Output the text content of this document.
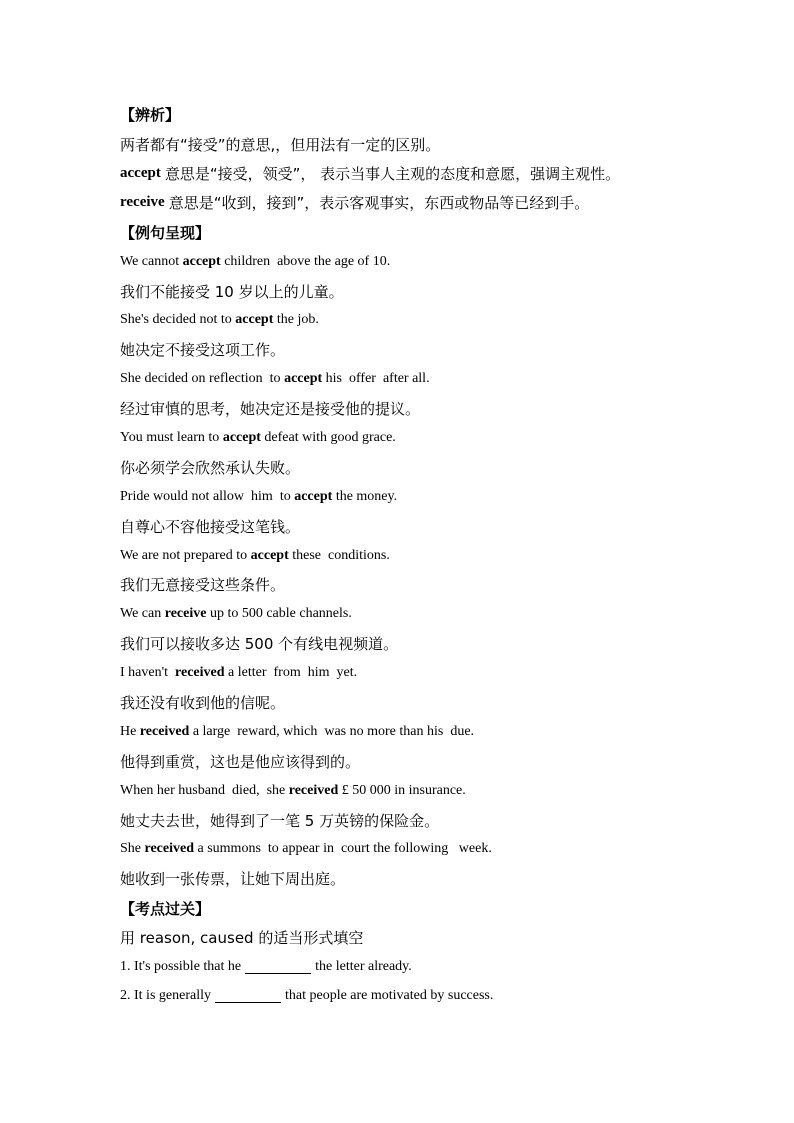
【辨析】
两者都有“接受”的意思,，但用法有一定的区别。
accept 意思是“接受，领受”， 表示当事人主观的态度和意愿，强调主观性。
receive 意思是“收到，接到”，表示客观事实，东西或物品等已经到手。
【例句呈现】
We cannot accept children  above the age of 10.
我们不能接受 10 岁以上的儿童。
She's decided not to accept the job.
她决定不接受这项工作。
She decided on reflection  to accept his  offer  after all.
经过审慎的思考，她决定还是接受他的提议。
You must learn to accept defeat with good grace.
你必须学会欣然承认失败。
Pride would not allow  him  to accept the money.
自尊心不容他接受这笔钱。
We are not prepared to accept these  conditions.
我们无意接受这些条件。
We can receive up to 500 cable channels.
我们可以接收多达 500 个有线电视频道。
I haven't received a letter  from  him  yet.
我还没有收到他的信呢。
He received a large  reward, which  was no more than his  due.
他得到重赏，这也是他应该得到的。
When her husband  died,  she received £ 50 000 in insurance.
她丈夫去世，她得到了一笔 5 万英镑的保险金。
She received a summons  to appear in  court the following   week.
她收到一张传票，让她下周出庭。
【考点过关】
用 reason, caused 的适当形式填空
1. It's possible that he	the letter already.
2. It is generally	that people are motivated by success.
